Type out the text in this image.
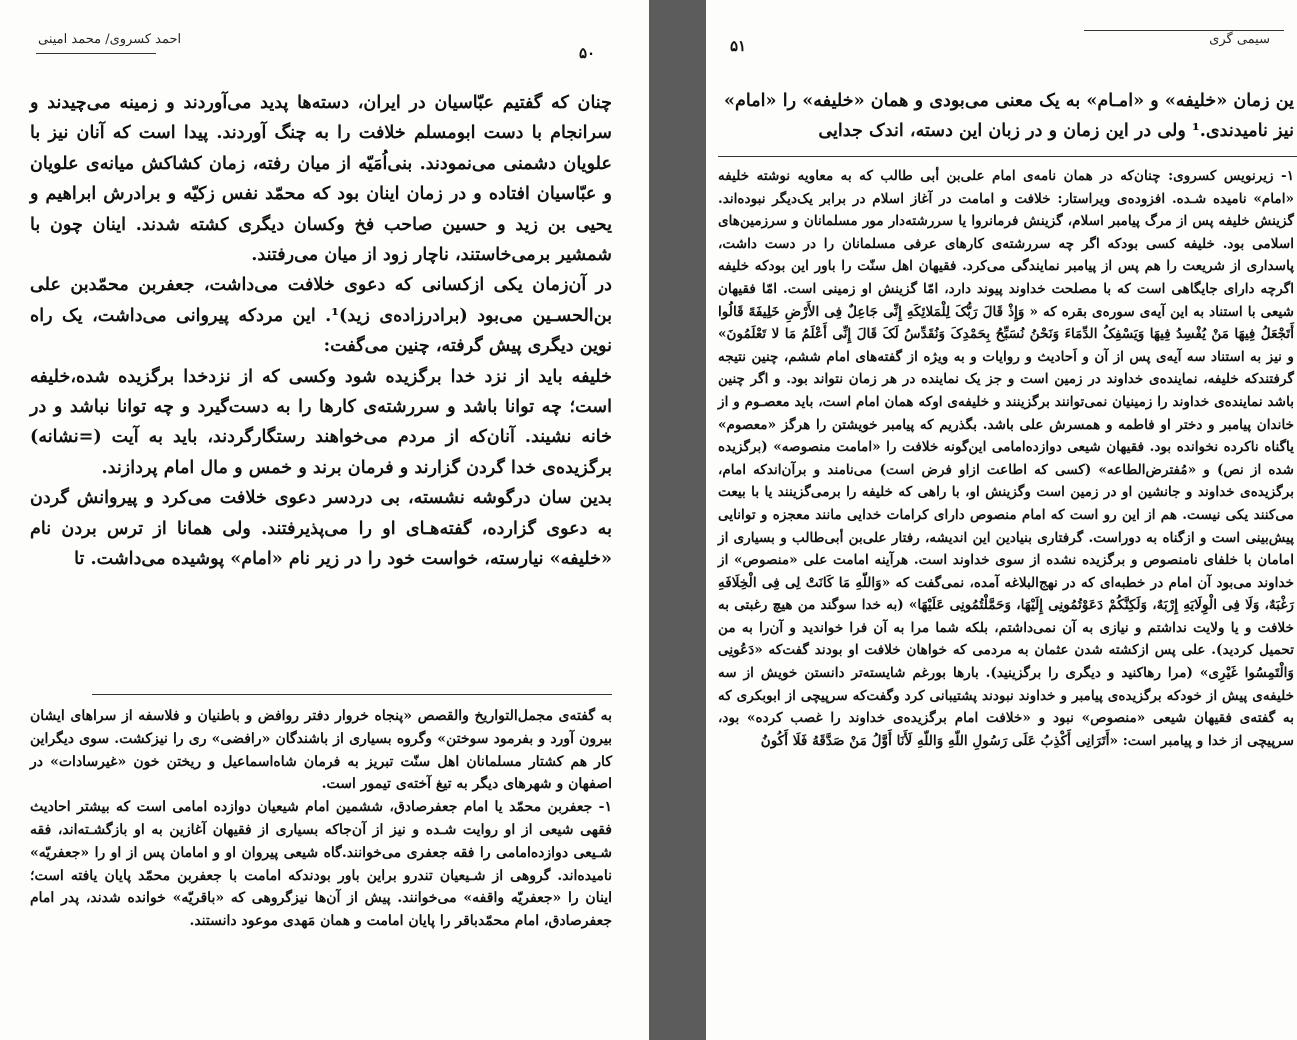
احمد کسروی/ محمد امینی
۵۰

چنان که گفتیم عبّاسیان در ایران، دسته‌ها پدید می‌آوردند و زمینه می‌چیدند و سرانجام با دست ابومسلم خلافت را به چنگ آوردند. پیدا است که آنان نیز با علویان دشمنی می‌نمودند. بنی‌اُمَیّه از میان رفته، زمان کشاکش میانه‌ی علویان و عبّاسیان افتاده و در زمان اینان بود که محمّد نفس زکیّه و برادرش ابراهیم و یحیی بن زید و حسین صاحب فخ وکسان دیگری کشته شدند. اینان چون با شمشیر برمی‌خاستند، ناچار زود از میان می‌رفتند.

در آن‌زمان یکی ازکسانی که دعوی خلافت می‌داشت، جعفربن محمّدبن علی بن‌الحسـین می‌بود (برادرزاده‌ی زید)¹. این مردکه پیروانی می‌داشت، یک راه نوین دیگری پیش گرفته، چنین می‌گفت:

خلیفه باید از نزد خدا برگزیده شود وکسی که از نزدخدا برگزیده شده،خلیفه است؛ چه توانا باشد و سررشته‌ی کارها را به دست‌گیرد و چه توانا نباشد و در خانه نشیند. آنان‌که از مردم می‌خواهند رستگارگردند، باید به آیت (=نشانه) برگزیده‌ی خدا گردن گزارند و فرمان برند و خمس و مال امام پردازند.

بدین سان درگوشه نشسته، بی دردسر دعوی خلافت می‌کرد و پیروانش گردن به دعوی گزارده، گفته‌هـای او را می‌پذیرفتند. ولی همانا از ترس بردن نام «خلیفه» نیارسته، خواست خود را در زیر نام «امام» پوشیده می‌داشت. تا

به گفته‌ی مجمل‌التواریخ والقصص «پنجاه خروار دفتر روافض و باطنیان و فلاسفه از سراهای ایشان بیرون آورد و بفرمود سوختن» وگروه بسیاری از باشندگان «رافضی» ری را نیزکشت. سوی دیگراین کار هم کشتار مسلمانان اهل سنّت تبریز به فرمان شاه‌اسماعیل و ریختن خون «غیرسادات» در اصفهان و شهرهای دیگر به تیغ آخته‌ی تیمور است.

۱- جعفربن محمّد یا امام جعفرصادق، ششمین امام شیعیان دوازده امامی است که بیشتر احادیث فقهی شیعی از او روایت شـده و نیز از آن‌جاکه بسیاری از فقیهان آغازین به او بازگشـته‌اند، فقه شـیعی دوازده‌امامی را فقه جعفری می‌خوانند.گاه شیعی پیروان او و امامان پس از او را «جعفریّه» نامیده‌اند. گروهی از شـیعیان تندرو براین باور بودندکه امامت با جعفربن محمّد پایان یافته است؛ اینان را «جعفریّه واقفه» می‌خوانند. پیش از آن‌ها نیزگروهی که «باقریّه» خوانده شدند، پدر امام جعفرصادق، امام محمّدباقر را پایان امامت و همان مَهدی موعود دانستند.

سیمی گری
۵۱

ین زمان «خلیفه» و «امـام» به یک معنی می‌بودی و همان «خلیفه» را «امام» نیز نامیدندی.¹ ولی در این زمان و در زبان این دسته، اندک جدایی

۱- زیرنویس کسروی: چنان‌که در همان نامه‌ی امام علی‌بن أبی طالب که به معاویه نوشته خلیفه «امام» نامیده شـده. افزوده‌ی ویراستار: خلافت و امامت در آغاز اسلام در برابر یک‌دیگر نبوده‌اند. گزینش خلیفه پس از مرگ پیامبر اسلام، گزینش فرمانروا یا سررشته‌دار مور مسلمانان و سرزمین‌های اسلامی بود. خلیفه کسی بودکه اگر چه سررشته‌ی کارهای عرفی مسلمانان را در دست داشت، پاسداری از شریعت را هم پس از پیامبر نمایندگی می‌کرد. فقیهان اهل سنّت را باور این بودکه خلیفه اگرچه دارای جایگاهی است که با مصلحت خداوند پیوند دارد، امّا گزینش او زمینی است. امّا فقیهان شیعی با استناد به این آیه‌ی سوره‌ی بقره که « وَإِذْ قَالَ رَبُّکَ لِلْمَلائِکَهِ إِنِّی جَاعِلٌ فِی الأَرْضِ خَلِیفَهً قَالُوا أَتَجْعَلُ فِیهَا مَنْ یُفْسِدُ فِیهَا وَیَسْفِکُ الدِّمَاءَ وَنَحْنُ نُسَبِّحُ بِحَمْدِکَ وَنُقَدِّسُ لَکَ قَالَ إِنِّی أَعْلَمُ مَا لا تَعْلَمُونَ» و نیز به استناد سه آیه‌ی پس از آن و اَحادیث و روایات و به ویژه از گفته‌های امام ششم، چنین نتیجه گرفتندکه خلیفه، نماینده‌ی خداوند در زمین است و جز یک نماینده در هر زمان نتواند بود. و اگر چنین باشد نماینده‌ی خداوند را زمینیان نمی‌توانند برگزینند و خلیفه‌ی اوکه همان امام است، باید معصـوم و از خاندان پیامبر و دختر او فاطمه و همسرش علی باشد. بگذریم که پیامبر خویشتن را هرگز «معصوم» یاگناه ناکرده نخوانده بود. فقیهان شیعی دوازده‌امامی این‌گونه خلافت را «امامت منصوصه» (برگزیده شده از نص) و «مُفترض‌الطاعه» (کسی که اطاعت ازاو فرض است) می‌نامند و برآن‌اندکه امام، برگزیده‌ی خداوند و جانشین او در زمین است وگزینش او، با راهی که خلیفه را برمی‌گزینند یا با بیعت می‌کنند یکی نیست. هم از این رو است که امام منصوص دارای کرامات خدایی مانند معجزه و توانایی پیش‌بینی است و ازگناه به دوراست. گرفتاری بنیادین این اندیشه، رفتار علی‌بن أبی‌طالب و بسیاری از امامان با خلفای نامنصوص و برگزیده نشده از سوی خداوند است. هرآینه امامت علی «منصوص» از خداوند می‌بود آن امام در خطبه‌ای که در نهج‌البلاغه آمده، نمی‌گفت که «وَاللّهِ مَا کَانَتْ لِی فِی الْخِلَافَهِ رَغْبَهٌ، وَلَا فِی الْوِلَایَهِ إِرْبَهٌ، وَلَکِنَّکُمْ دَعَوْتُمُونِی إِلَیْهَا، وَحَمَّلْتُمُونِی عَلَیْهَا» (به خدا سوگند من هیچ رغبتی به خلافت و یا ولایت نداشتم و نیازی به آن نمی‌داشتم، بلکه شما مرا به آن فرا خواندید و آن‌را به من تحمیل کردید). علی پس ازکشته شدن عثمان به مردمی که خواهان خلافت او بودند گفت‌که «دَعُونِی وَالْتَمِسُوا غَیْرِی» (مرا رهاکنید و دیگری را برگزینید). بارها بورغم شایسته‌تر دانستن خویش از سه خلیفه‌ی پیش از خودکه برگزیده‌ی پیامبر و خداوند نبودند پشتیبانی کرد وگفت‌که سرپیچی از ابوبکری که به گفته‌ی فقیهان شیعی «منصوص» نبود و «خلافت امام برگزیده‌ی خداوند را غصب کرده» بود، سرپیچی از خدا و پیامبر است: «أَتَرَانِی أَکْذِبُ عَلَی رَسُولِ اللّهِ وَاللّهِ لَأَنَا أَوَّلُ مَنْ صَدَّقَهُ فَلَا أَکُونُ
